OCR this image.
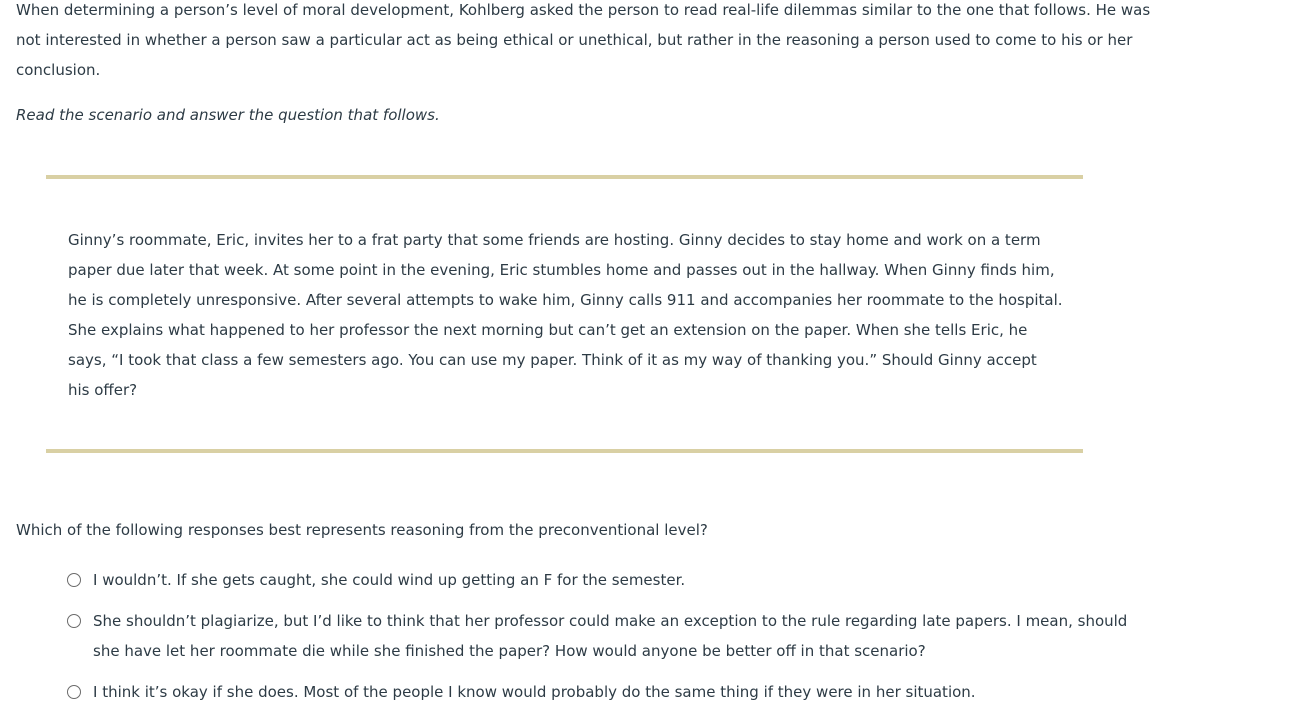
When determining a person’s level of moral development, Kohlberg asked the person to read real-life dilemmas similar to the one that follows. He was not interested in whether a person saw a particular act as being ethical or unethical, but rather in the reasoning a person used to come to his or her conclusion.

Read the scenario and answer the question that follows.

Ginny’s roommate, Eric, invites her to a frat party that some friends are hosting. Ginny decides to stay home and work on a term paper due later that week. At some point in the evening, Eric stumbles home and passes out in the hallway. When Ginny finds him, he is completely unresponsive. After several attempts to wake him, Ginny calls 911 and accompanies her roommate to the hospital. She explains what happened to her professor the next morning but can’t get an extension on the paper. When she tells Eric, he says, “I took that class a few semesters ago. You can use my paper. Think of it as my way of thanking you.” Should Ginny accept his offer?

Which of the following responses best represents reasoning from the preconventional level?

I wouldn’t. If she gets caught, she could wind up getting an F for the semester.
She shouldn’t plagiarize, but I’d like to think that her professor could make an exception to the rule regarding late papers. I mean, should she have let her roommate die while she finished the paper? How would anyone be better off in that scenario?
I think it’s okay if she does. Most of the people I know would probably do the same thing if they were in her situation.
